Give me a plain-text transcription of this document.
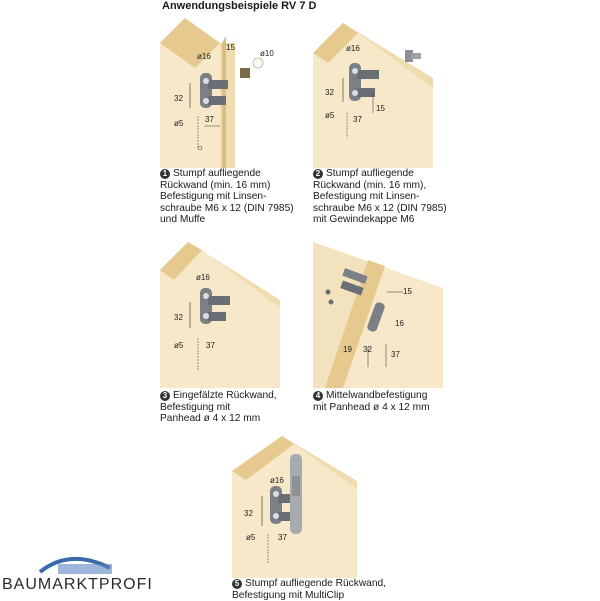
Anwendungsbeispiele RV 7 D
ø16
15
ø10
32
ø5	37
1 Stumpf aufliegende
Rückwand (min. 16 mm)
Befestigung mit Linsen-
schraube M6 x 12 (DIN 7985)
und Muffe
ø16
32
15
ø5 37
2 Stumpf aufliegende
Rückwand (min. 16 mm),
Befestigung mit Linsen-
schraube M6 x 12 (DIN 7985)
mit Gewindekappe M6
ø16
32
ø5	37
3 Eingefälzte Rückwand,
Befestigung mit
Panhead ø 4 x 12 mm
15
16
19 32
37
4 Mittelwandbefestigung
mit Panhead ø 4 x 12 mm
ø16
32
ø5	37
5 Stumpf aufliegende Rückwand,
Befestigung mit MultiClip
BAUMARKTPROFI
